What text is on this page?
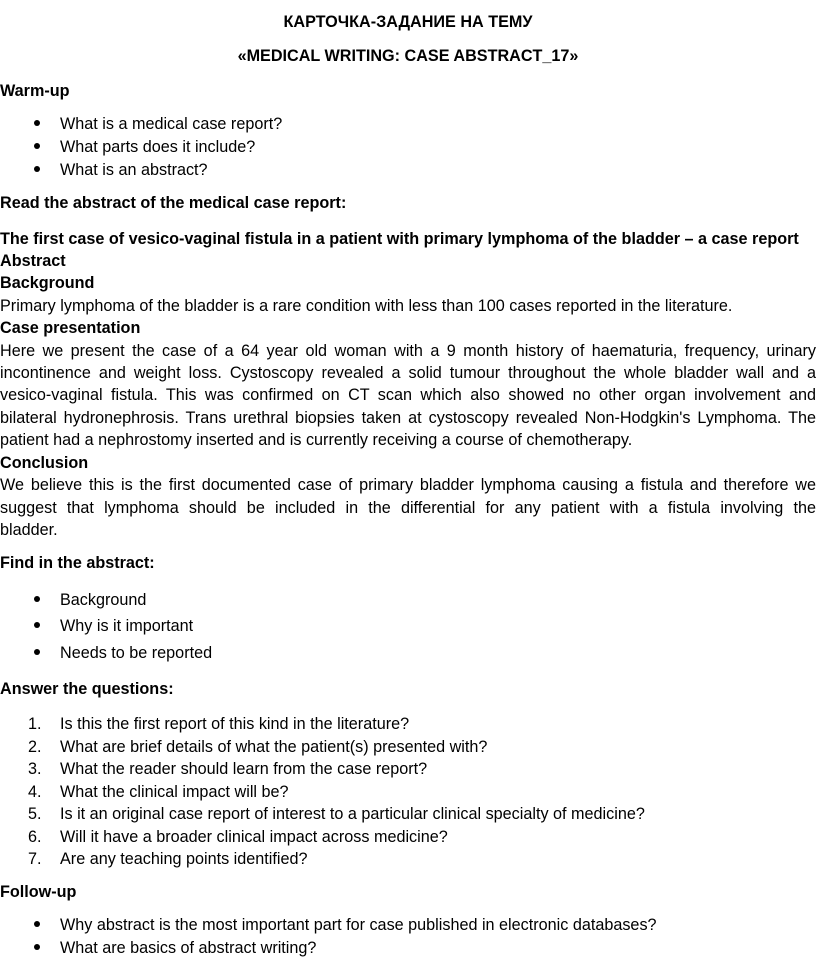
КАРТОЧКА-ЗАДАНИЕ НА ТЕМУ
«MEDICAL WRITING: CASE ABSTRACT_17»
Warm-up
What is a medical case report?
What parts does it include?
What is an abstract?
Read the abstract of the medical case report:
The first case of vesico-vaginal fistula in a patient with primary lymphoma of the bladder – a case report
Abstract
Background
Primary lymphoma of the bladder is a rare condition with less than 100 cases reported in the literature.
Case presentation
Here we present the case of a 64 year old woman with a 9 month history of haematuria, frequency, urinary
incontinence and weight loss. Cystoscopy revealed a solid tumour throughout the whole bladder wall and a
vesico-vaginal fistula. This was confirmed on CT scan which also showed no other organ involvement and
bilateral hydronephrosis. Trans urethral biopsies taken at cystoscopy revealed Non-Hodgkin's Lymphoma. The
patient had a nephrostomy inserted and is currently receiving a course of chemotherapy.
Conclusion
We believe this is the first documented case of primary bladder lymphoma causing a fistula and therefore we
suggest that lymphoma should be included in the differential for any patient with a fistula involving the
bladder.
Find in the abstract:
Background
Why is it important
Needs to be reported
Answer the questions:
1.	Is this the first report of this kind in the literature?
2.	What are brief details of what the patient(s) presented with?
3.	What the reader should learn from the case report?
4.	What the clinical impact will be?
5.	Is it an original case report of interest to a particular clinical specialty of medicine?
6.	Will it have a broader clinical impact across medicine?
7.	Are any teaching points identified?
Follow-up
Why abstract is the most important part for case published in electronic databases?
What are basics of abstract writing?
